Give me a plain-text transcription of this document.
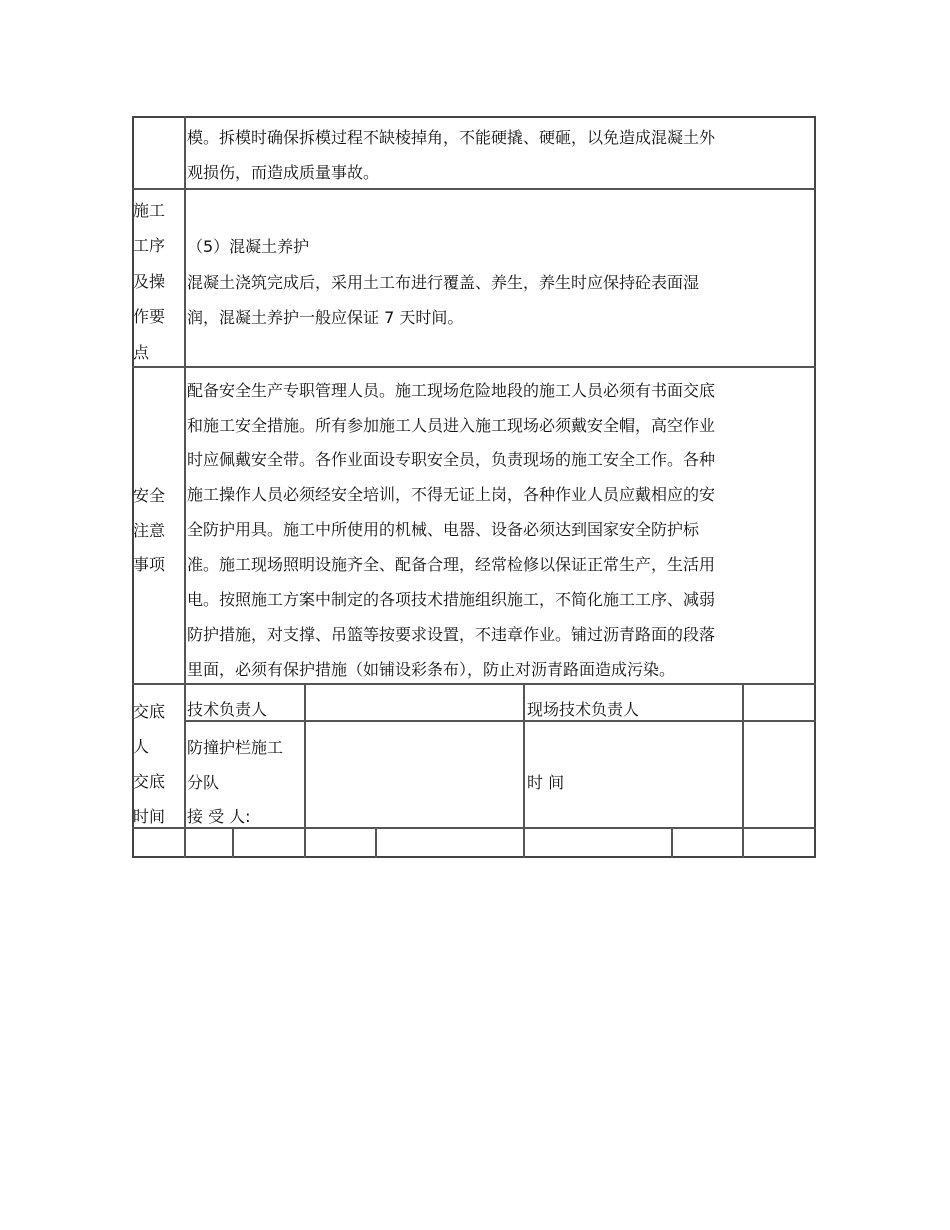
模。拆模时确保拆模过程不缺棱掉角，不能硬撬、硬砸，以免造成混凝土外
观损伤，而造成质量事故。
施工
工序
及操
作要
点
（5）混凝土养护
混凝土浇筑完成后，采用土工布进行覆盖、养生，养生时应保持砼表面湿
润，混凝土养护一般应保证 7 天时间。
安全
注意
事项
配备安全生产专职管理人员。施工现场危险地段的施工人员必须有书面交底
和施工安全措施。所有参加施工人员进入施工现场必须戴安全帽，高空作业
时应佩戴安全带。各作业面设专职安全员，负责现场的施工安全工作。各种
施工操作人员必须经安全培训，不得无证上岗，各种作业人员应戴相应的安
全防护用具。施工中所使用的机械、电器、设备必须达到国家安全防护标
准。施工现场照明设施齐全、配备合理，经常检修以保证正常生产，生活用
电。按照施工方案中制定的各项技术措施组织施工，不简化施工工序、减弱
防护措施，对支撑、吊篮等按要求设置，不违章作业。铺过沥青路面的段落
里面，必须有保护措施（如铺设彩条布），防止对沥青路面造成污染。
交底
人
交底
时间
技术负责人	现场技术负责人
防撞护栏施工
分队
接 受 人:
时 间
